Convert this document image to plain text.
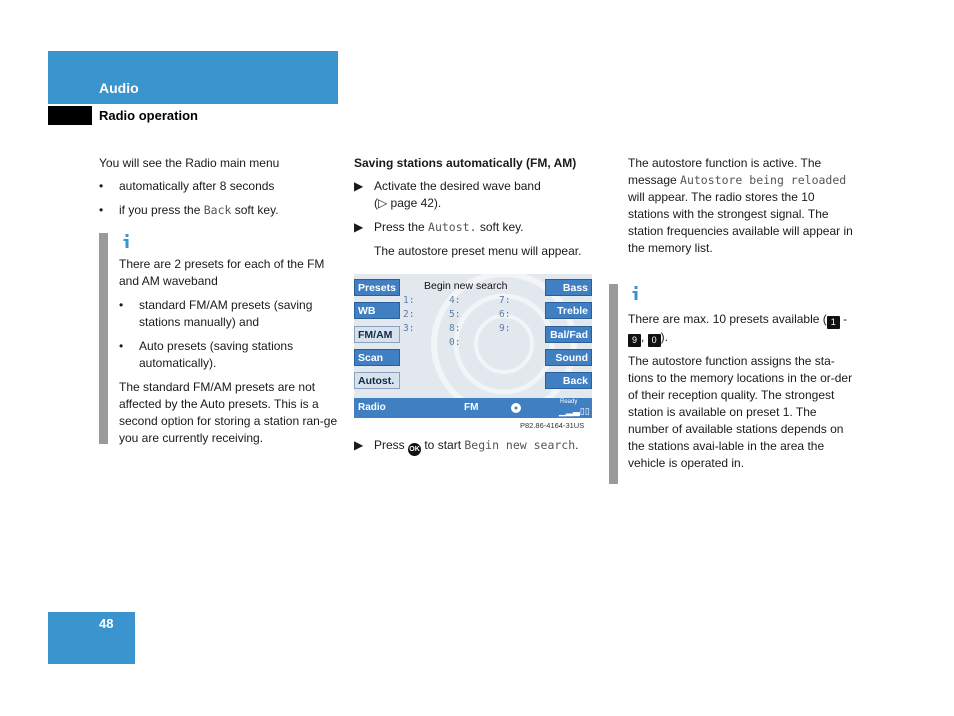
Audio
Radio operation
You will see the Radio main menu
•	automatically after 8 seconds
•	if you press the Back soft key.
There are 2 presets for each of the FM and AM waveband
•	standard FM/AM presets (saving stations manually) and
•	Auto presets (saving stations automatically).
The standard FM/AM presets are not affected by the Auto presets. This is a second option for storing a station ran-ge you are currently receiving.
Saving stations automatically (FM, AM)
▶ Activate the desired wave band
(▷ page 42).
▶ Press the Autost. soft key.
The autostore preset menu will appear.
Begin new search
Presets
WB
FM/AM
Scan
Autost.
Bass
Treble
Bal/Fad
Sound
Back
1:
2:
3:
4:
5:	6:
7:
8:	9:
0:
Radio	FM	Ready
▁▂▃▯▯
P82.86-4164-31US
▶ Press OK to start Begin new search.
The autostore function is active. The message Autostore being reloaded will appear. The radio stores the 10 stations with the strongest signal. The station frequencies available will appear in the memory list.
There are max. 10 presets available ( 1 - 9 , 0 ).
The autostore function assigns the sta-tions to the memory locations in the or-der of their reception quality. The strongest station is available on preset 1. The number of available stations depends on the stations avai-lable in the area the vehicle is operated in.
48
